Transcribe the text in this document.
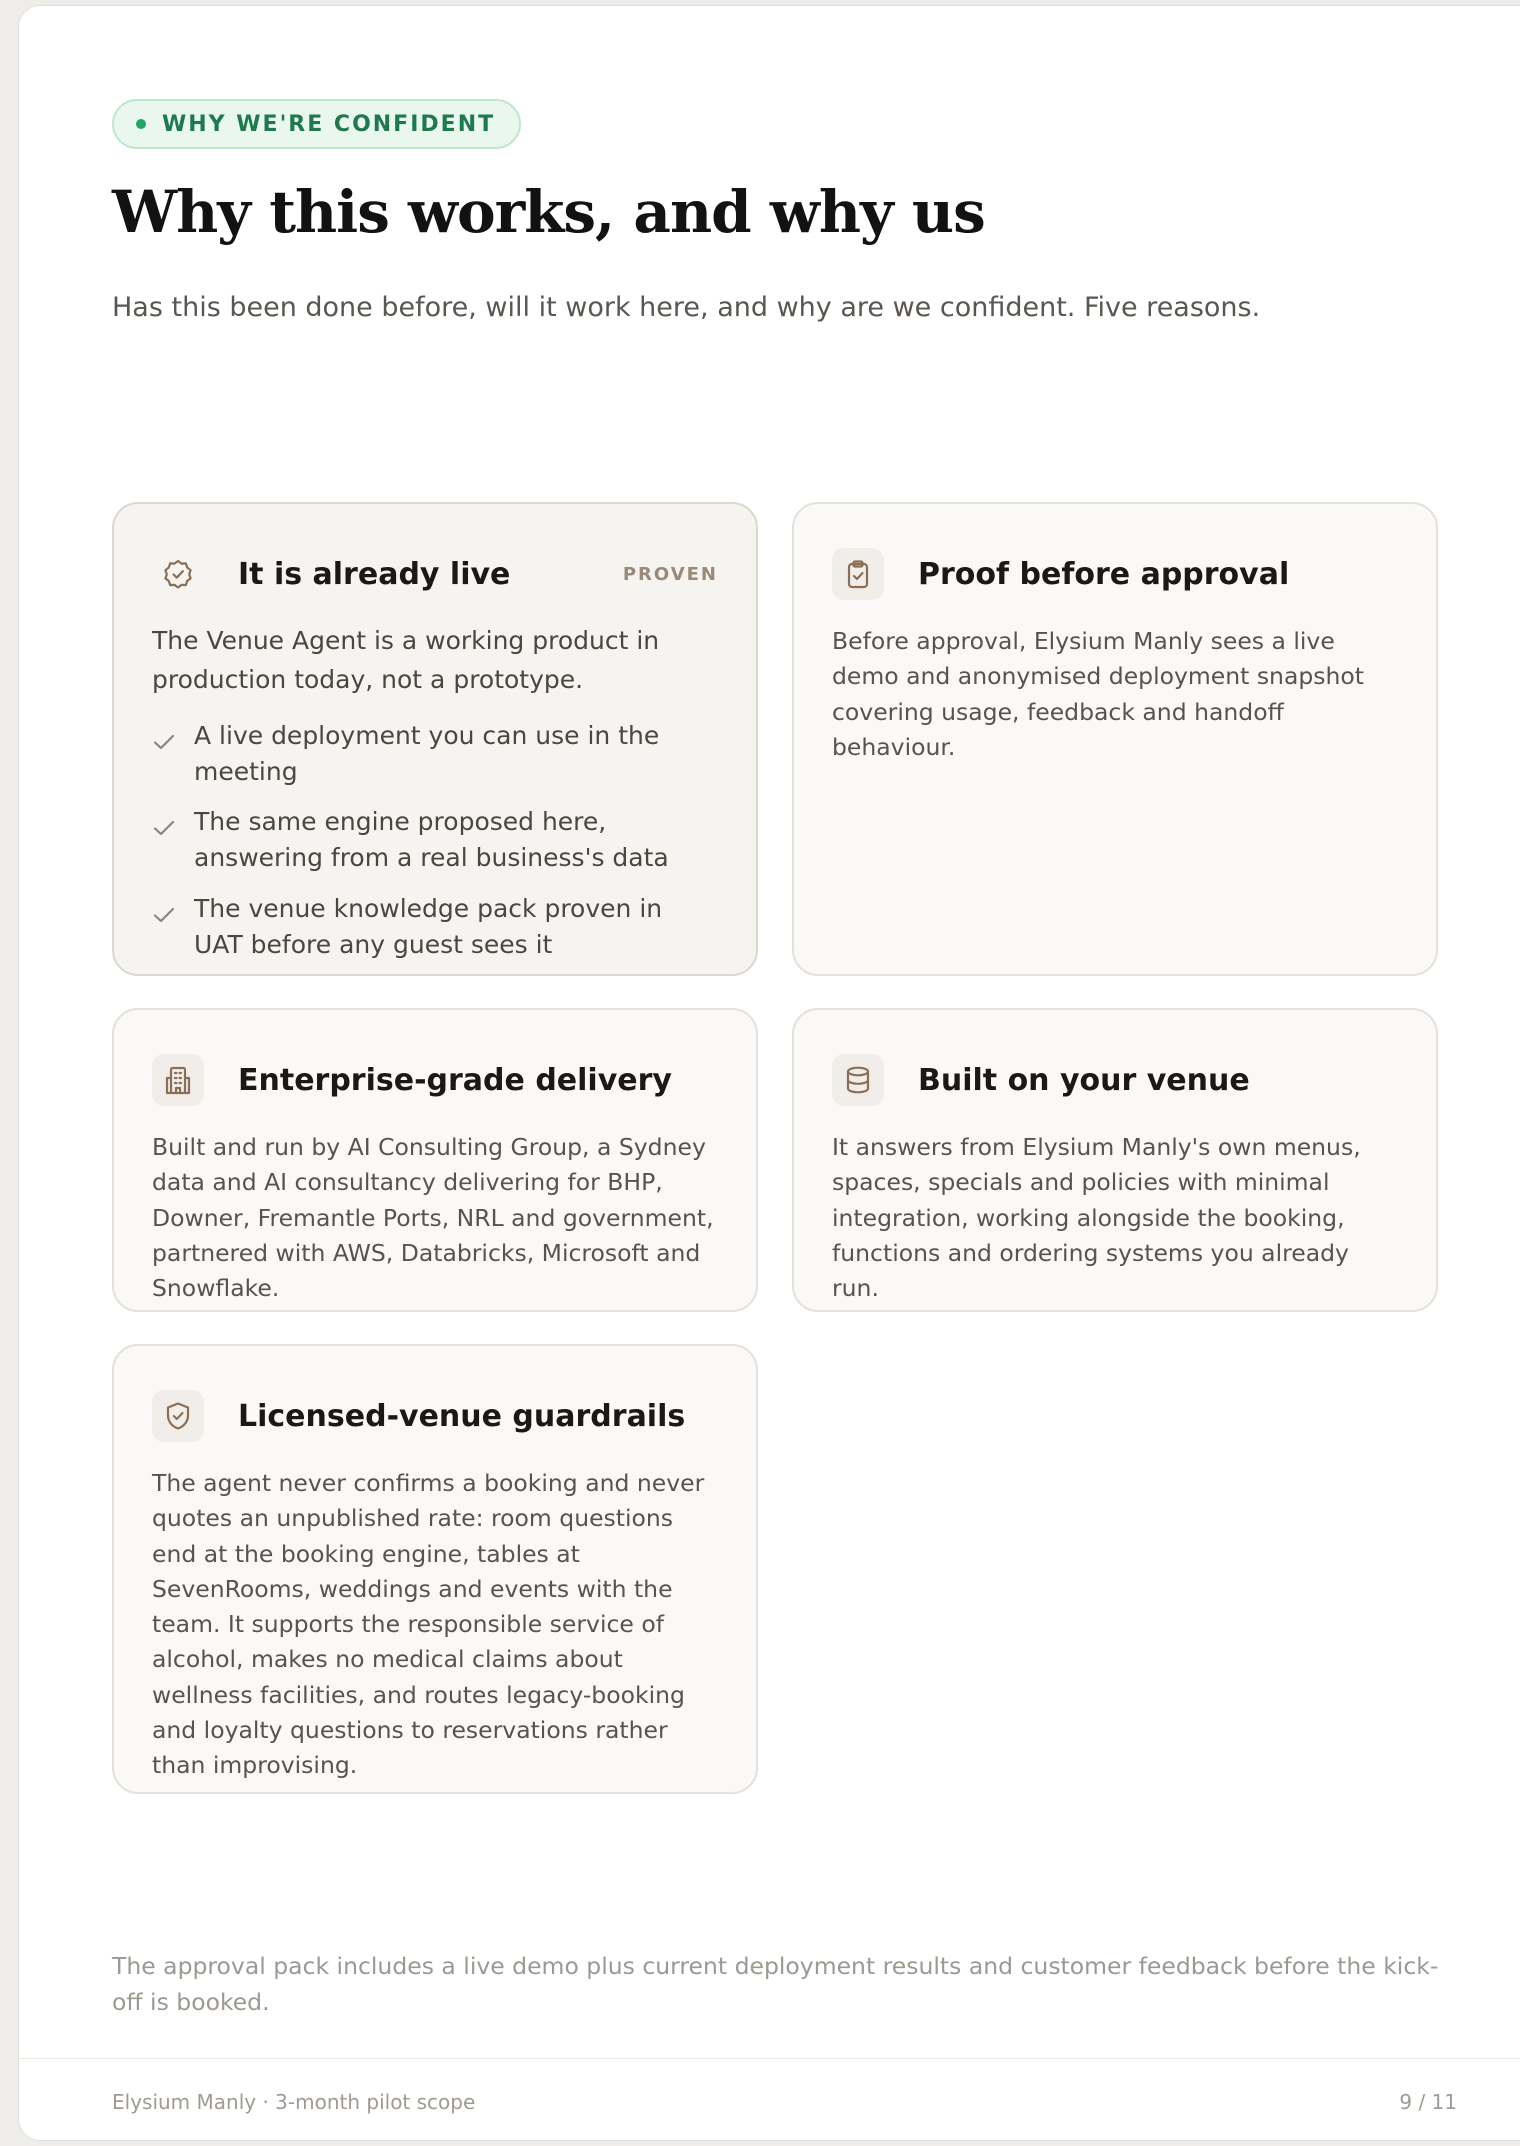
WHY WE'RE CONFIDENT
Why this works, and why us

Has this been done before, will it work here, and why are we confident. Five reasons.

It is already live	PROVEN
The Venue Agent is a working product in production today, not a prototype.
A live deployment you can use in the meeting
The same engine proposed here, answering from a real business's data
The venue knowledge pack proven in UAT before any guest sees it
Proof before approval
Before approval, Elysium Manly sees a live demo and anonymised deployment snapshot covering usage, feedback and handoff behaviour.
Enterprise-grade delivery
Built and run by AI Consulting Group, a Sydney data and AI consultancy delivering for BHP, Downer, Fremantle Ports, NRL and government, partnered with AWS, Databricks, Microsoft and Snowflake.
Built on your venue
It answers from Elysium Manly's own menus, spaces, specials and policies with minimal integration, working alongside the booking, functions and ordering systems you already run.
Licensed-venue guardrails
The agent never confirms a booking and never quotes an unpublished rate: room questions end at the booking engine, tables at SevenRooms, weddings and events with the team. It supports the responsible service of alcohol, makes no medical claims about wellness facilities, and routes legacy-booking and loyalty questions to reservations rather than improvising.
The approval pack includes a live demo plus current deployment results and customer feedback before the kick-off is booked.
Elysium Manly · 3-month pilot scope	9 / 11
